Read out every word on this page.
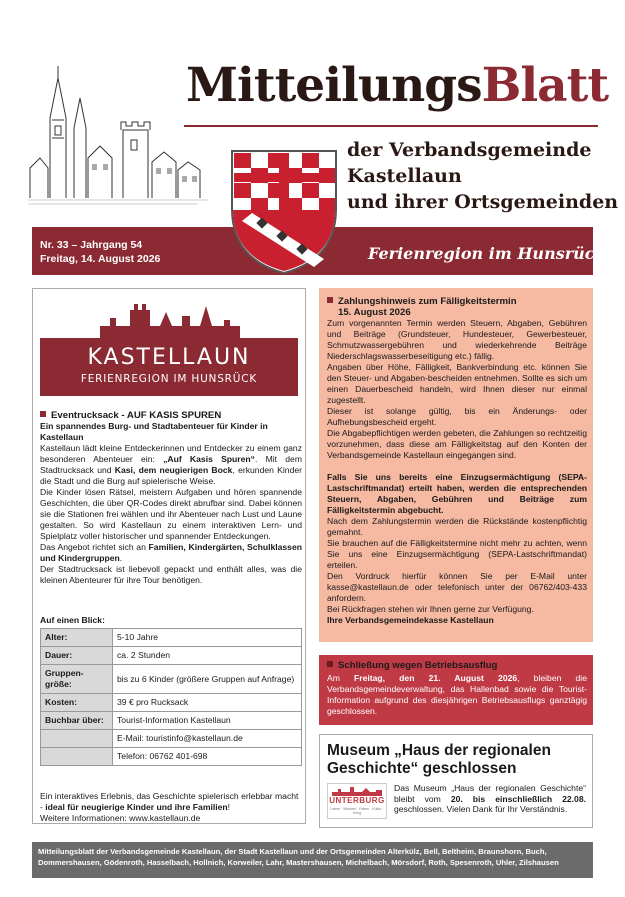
MitteilungsBlatt
der Verbandsgemeinde
Kastellaun
und ihrer Ortsgemeinden
Nr. 33 – Jahrgang 54
Freitag, 14. August 2026	Ferienregion im Hunsrück
KASTELLAUN
FERIENREGION IM HUNSRÜCK
Eventrucksack - AUF KASIS SPUREN

Ein spannendes Burg- und Stadtabenteuer für Kinder in Kastellaun

Kastellaun lädt kleine Entdeckerinnen und Entdecker zu einem ganz besonderen Abenteuer ein: „Auf Kasis Spuren“. Mit dem Stadtrucksack und Kasi, dem neugierigen Bock, erkunden Kinder die Stadt und die Burg auf spielerische Weise.

Die Kinder lösen Rätsel, meistern Aufgaben und hören spannende Geschichten, die über QR-Codes direkt abrufbar sind. Dabei können sie die Stationen frei wählen und ihr Abenteuer nach Lust und Laune gestalten. So wird Kastellaun zu einem interaktiven Lern- und Spielplatz voller historischer und spannender Entdeckungen.

Das Angebot richtet sich an Familien, Kindergärten, Schulklassen und Kindergruppen.

Der Stadtrucksack ist liebevoll gepackt und enthält alles, was die kleinen Abenteurer für ihre Tour benötigen.

Auf einen Blick:
Alter:	5-10 Jahre
Dauer:	ca. 2 Stunden
Gruppen-größe:	bis zu 6 Kinder (größere Gruppen auf Anfrage)
Kosten:	39 € pro Rucksack
Buchbar über:	Tourist-Information Kastellaun
	E-Mail: touristinfo@kastellaun.de
	Telefon: 06762 401-698

Ein interaktives Erlebnis, das Geschichte spielerisch erlebbar macht - ideal für neugierige Kinder und ihre Familien!

Weitere Informationen: www.kastellaun.de

Zahlungshinweis zum Fälligkeitstermin
15. August 2026

Zum vorgenannten Termin werden Steuern, Abgaben, Gebühren und Beiträge (Grundsteuer, Hundesteuer, Gewerbesteuer, Schmutzwassergebühren und wiederkehrende Beiträge Niederschlagswasserbeseitigung etc.) fällig.

Angaben über Höhe, Fälligkeit, Bankverbindung etc. können Sie den Steuer- und Abgaben-bescheiden entnehmen. Sollte es sich um einen Dauerbescheid handeln, wird Ihnen dieser nur einmal zugestellt.

Dieser ist solange gültig, bis ein Änderungs- oder Aufhebungsbescheid ergeht.

Die Abgabepflichtigen werden gebeten, die Zahlungen so rechtzeitig vorzunehmen, dass diese am Fälligkeitstag auf den Konten der Verbandsgemeinde Kastellaun eingegangen sind.

Falls Sie uns bereits eine Einzugsermächtigung (SEPA-Lastschriftmandat) erteilt haben, werden die entsprechenden Steuern, Abgaben, Gebühren und Beiträge zum Fälligkeitstermin abgebucht.

Nach dem Zahlungstermin werden die Rückstände kostenpflichtig gemahnt.

Sie brauchen auf die Fälligkeitstermine nicht mehr zu achten, wenn Sie uns eine Einzugsermächtigung (SEPA-Lastschriftmandat) erteilen.

Den Vordruck hierfür können Sie per E-Mail unter kasse@kastellaun.de oder telefonisch unter der 06762/403-433 anfordern.

Bei Rückfragen stehen wir Ihnen gerne zur Verfügung.

Ihre Verbandsgemeindekasse Kastellaun

Schließung wegen Betriebsausflug

Am Freitag, den 21. August 2026, bleiben die Verbandsgemeindeverwaltung, das Hallenbad sowie die Tourist-Information aufgrund des diesjährigen Betriebsausflugs ganztägig geschlossen.

Museum „Haus der regionalen Geschichte“ geschlossen
UNTERBURG
Leben · Wohnen · Feiern · Kultur · Krieg
Das Museum „Haus der regionalen Geschichte“ bleibt vom 20. bis einschließlich 22.08. geschlossen. Vielen Dank für Ihr Verständnis.
Mitteilungsblatt der Verbandsgemeinde Kastellaun, der Stadt Kastellaun und der Ortsgemeinden Alterkülz, Bell, Beltheim, Braunshorn, Buch, Dommershausen, Gödenroth, Hasselbach, Hollnich, Korweiler, Lahr, Mastershausen, Michelbach, Mörsdorf, Roth, Spesenroth, Uhler, Zilshausen
